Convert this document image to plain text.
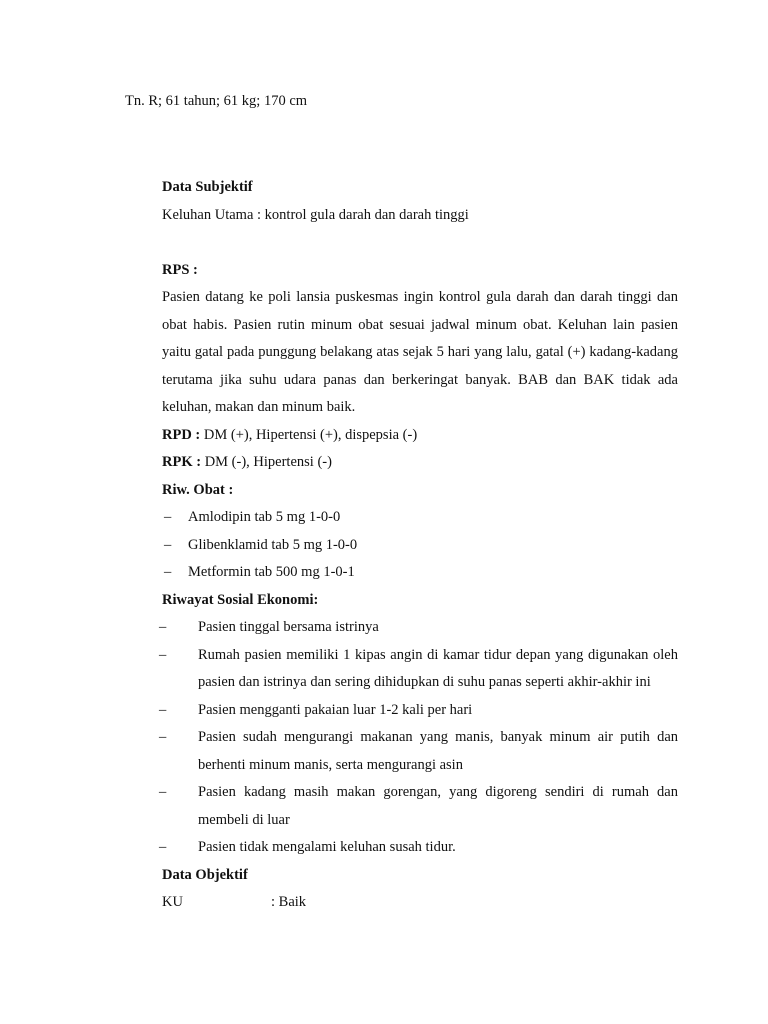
Tn. R; 61 tahun; 61 kg; 170 cm
Data Subjektif
Keluhan Utama : kontrol gula darah dan darah tinggi
RPS :
Pasien datang ke poli lansia puskesmas ingin kontrol gula darah dan darah tinggi dan obat habis. Pasien rutin minum obat sesuai jadwal minum obat. Keluhan lain pasien yaitu gatal pada punggung belakang atas sejak 5 hari yang lalu, gatal (+) kadang-kadang terutama jika suhu udara panas dan berkeringat banyak. BAB dan BAK tidak ada keluhan, makan dan minum baik.
RPD : DM (+), Hipertensi (+), dispepsia (-)
RPK : DM (-), Hipertensi (-)
Riw. Obat :
– Amlodipin tab 5 mg 1-0-0
– Glibenklamid tab 5 mg 1-0-0
– Metformin tab 500 mg 1-0-1
Riwayat Sosial Ekonomi:
– Pasien tinggal bersama istrinya
– Rumah pasien memiliki 1 kipas angin di kamar tidur depan yang digunakan oleh pasien dan istrinya dan sering dihidupkan di suhu panas seperti akhir-akhir ini
– Pasien mengganti pakaian luar 1-2 kali per hari
– Pasien sudah mengurangi makanan yang manis, banyak minum air putih dan berhenti minum manis, serta mengurangi asin
– Pasien kadang masih makan gorengan, yang digoreng sendiri di rumah dan membeli di luar
– Pasien tidak mengalami keluhan susah tidur.
Data Objektif
KU	: Baik
